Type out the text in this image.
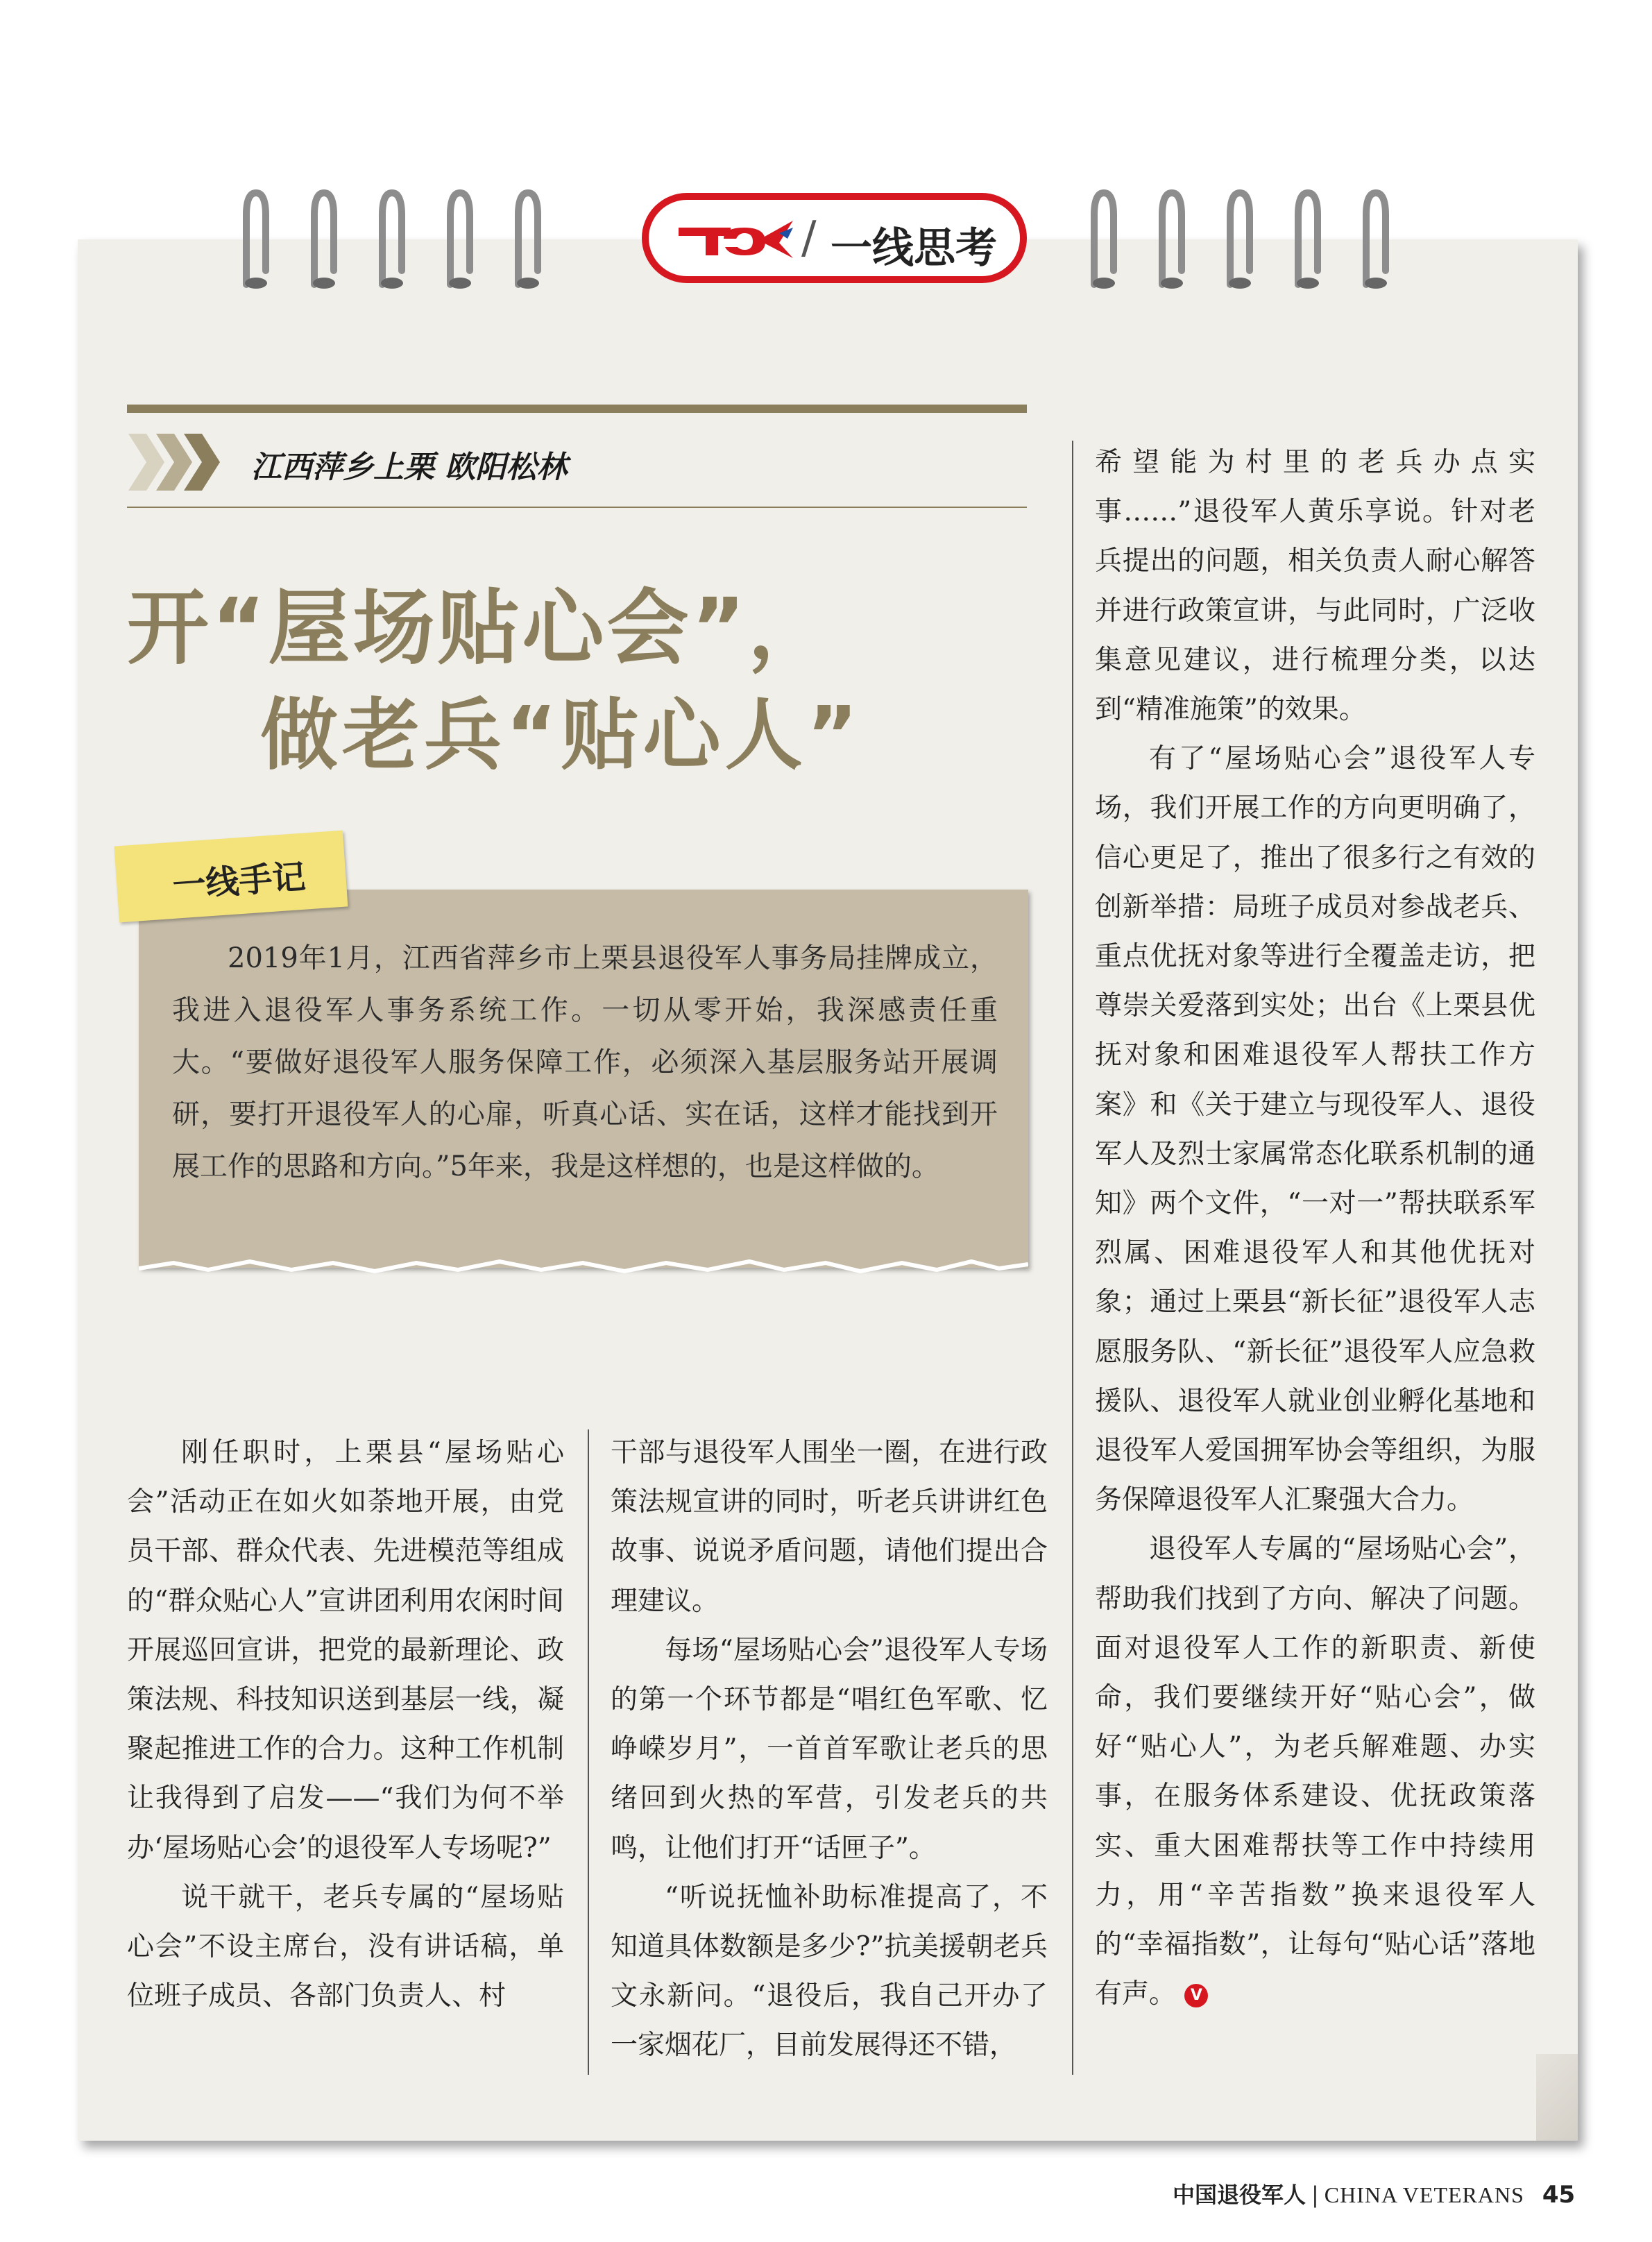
/ 一线思考
江西萍乡上栗 欧阳松林
开“屋场贴心会”，
做老兵“贴心人”
2019年1月，江西省萍乡市上栗县退役军人事务局挂牌成立，我进入退役军人事务系统工作。一切从零开始，我深感责任重大。“要做好退役军人服务保障工作，必须深入基层服务站开展调研，要打开退役军人的心扉，听真心话、实在话，这样才能找到开展工作的思路和方向。”5年来，我是这样想的，也是这样做的。
一线手记

刚任职时，上栗县“屋场贴心会”活动正在如火如荼地开展，由党员干部、群众代表、先进模范等组成的“群众贴心人”宣讲团利用农闲时间开展巡回宣讲，把党的最新理论、政策法规、科技知识送到基层一线，凝聚起推进工作的合力。这种工作机制让我得到了启发——“我们为何不举办‘屋场贴心会’的退役军人专场呢?”

说干就干，老兵专属的“屋场贴心会”不设主席台，没有讲话稿，单位班子成员、各部门负责人、村

干部与退役军人围坐一圈，在进行政策法规宣讲的同时，听老兵讲讲红色故事、说说矛盾问题，请他们提出合理建议。

每场“屋场贴心会”退役军人专场的第一个环节都是“唱红色军歌、忆峥嵘岁月”，一首首军歌让老兵的思绪回到火热的军营，引发老兵的共鸣，让他们打开“话匣子”。

“听说抚恤补助标准提高了，不知道具体数额是多少?”抗美援朝老兵文永新问。“退役后，我自己开办了一家烟花厂，目前发展得还不错，

希望能为村里的老兵办点实事……”退役军人黄乐享说。针对老兵提出的问题，相关负责人耐心解答并进行政策宣讲，与此同时，广泛收集意见建议，进行梳理分类，以达到“精准施策”的效果。

有了“屋场贴心会”退役军人专场，我们开展工作的方向更明确了，信心更足了，推出了很多行之有效的创新举措：局班子成员对参战老兵、重点优抚对象等进行全覆盖走访，把尊崇关爱落到实处；出台《上栗县优抚对象和困难退役军人帮扶工作方案》和《关于建立与现役军人、退役军人及烈士家属常态化联系机制的通知》两个文件，“一对一”帮扶联系军烈属、困难退役军人和其他优抚对象；通过上栗县“新长征”退役军人志愿服务队、“新长征”退役军人应急救援队、退役军人就业创业孵化基地和退役军人爱国拥军协会等组织，为服务保障退役军人汇聚强大合力。

退役军人专属的“屋场贴心会”，帮助我们找到了方向、解决了问题。面对退役军人工作的新职责、新使命，我们要继续开好“贴心会”，做好“贴心人”，为老兵解难题、办实事，在服务体系建设、优抚政策落实、重大困难帮扶等工作中持续用力，用“辛苦指数”换来退役军人的“幸福指数”，让每句“贴心话”落地有声。 V

中国退役军人 | CHINA VETERANS 45
